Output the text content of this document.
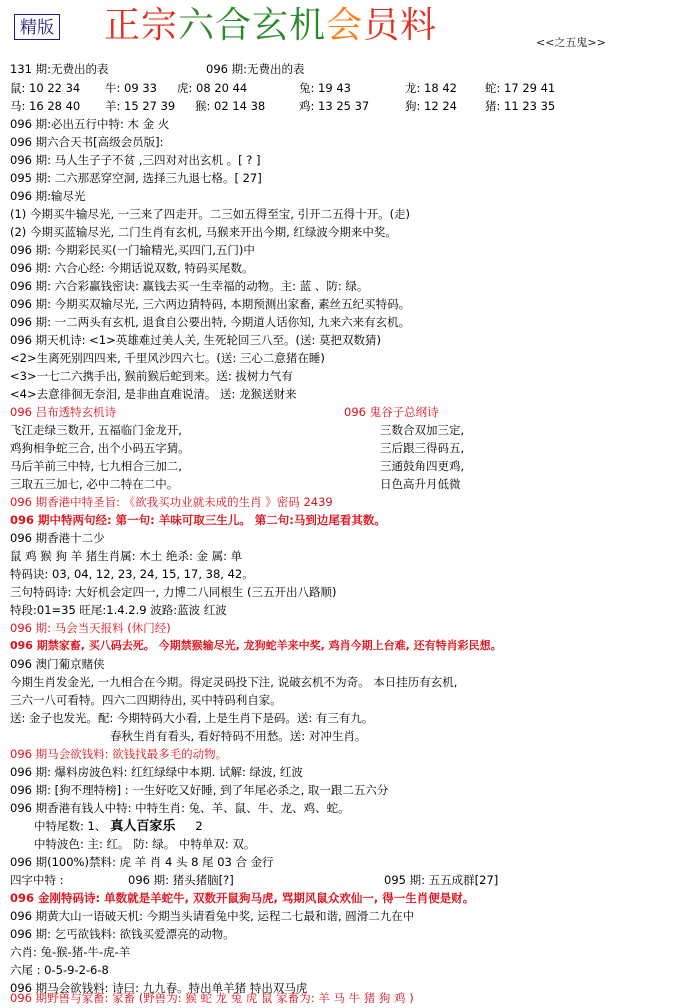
精版 正宗六合玄机会员料	<<之五鬼>>
131 期:无费出的表	096 期:无费出的表
鼠: 10 22 34 牛: 09 33 虎: 08 20 44	兔: 19 43	龙: 18 42 蛇: 17 29 41
马: 16 28 40 羊: 15 27 39 猴: 02 14 38	鸡: 13 25 37	狗: 12 24 猪: 11 23 35
096 期:必出五行中特: 木 金 火
096 期六合天书[高级会员版]:
096 期: 马人生子子不贫 ,三四对对出玄机 。[ ? ]
095 期: 二六那恶穿空洞, 选择三九退七格。[ 27]
096 期:输尽光
(1) 今期买牛输尽光, 一三来了四走开。二三如五得至宝, 引开二五得十开。(走)
(2) 今期买蓝输尽光, 二门生肖有玄机, 马猴来开出今期, 红绿波今期来中奖。
096 期: 今期彩民买(一门输精光,买四门,五门)中
096 期: 六合心经: 今期话说双数, 特码买尾数。
096 期: 六合彩赢钱密诀: 赢钱去买一生幸福的动物。主: 蓝 、防: 绿。
096 期: 今期买双输尽光, 三六两边猜特码, 本期预测出家畜, 素丝五纪买特码。
096 期: 一二两头有玄机, 退食自公要出特, 今期道人话你知, 九来六来有玄机。
096 期天机诗: <1>英雄难过美人关, 生死轮回三八至。(送: 莫把双数猜)
<2>生离死别四四来, 千里风沙四六七。(送: 三心二意猪在睡)
<3>一七二六携手出, 猴前猴后蛇到来。送: 拔树力气有
<4>去意徘徊无奈泪, 是非曲直难说清。 送: 龙猴送财来
096 吕布透特玄机诗	096 鬼谷子总纲诗
飞江走绿三数开, 五福临门金龙开,	三数合双加三定,
鸡狗相争蛇三合, 出个小码五字猜。	三后跟三得码五,
马后羊前三中特, 七九相合三加二,	三通鼓角四更鸡,
三取五三加七, 必中二特在二中。	日色高升月低微
096 期香港中特圣旨: 《欲我买功业就未成的生肖 》密码 2439
096 期中特两句经: 第一句: 羊味可取三生儿。 第二句:马到边尾看其数。
096 期香港十二少
鼠 鸡 猴 狗 羊 猪生肖属: 木土 绝杀: 金 属: 单
特码诀: 03, 04, 12, 23, 24, 15, 17, 38, 42。
三句特码诗: 大好机会定四一, 力博二八同根生 (三五开出八路顺)
特段:01=35 旺尾:1.4.2.9 波路:蓝波 红波
096 期: 马会当天报料 (休门经)
096 期禁家畜, 买八码去死。 今期禁猴输尽光, 龙狗蛇羊来中奖, 鸡肖今期上台难, 还有特肖彩民想。
096 澳门葡京赌侠
今期生肖发金光, 一九相合在今期。得定灵码投下注, 说破玄机不为奇。 本日挂历有玄机,
三六一八可看特。四六二四期待出, 买中特码利自家。
送: 金子也发光。配: 今期特码大小看, 上是生肖下是码。送: 有三有九。
春秋生肖有看头, 看好特码不用愁。送: 对冲生肖。
096 期马会欲钱料: 欲钱找最多毛的动物。
096 期: 爆料房波色料: 红红绿绿中本期. 试解: 绿波, 红波
096 期: [狗不理特榜] : 一生好吃又好睡, 到了年尾必杀之, 取一跟二五六分
096 期香港有钱人中特: 中特生肖: 兔、羊、鼠、牛、龙、鸡、蛇。
中特尾数: 1、 真人百家乐 2
中特波色: 主: 红。 防: 绿。 中特单双: 双。
096 期(100%)禁料: 虎 羊 肖 4 头 8 尾 03 合 金行
四字中特 :	096 期: 猪头猪脑[?]	095 期: 五五成群[27]
096 金刚特码诗: 单数就是羊蛇牛, 双数开鼠狗马虎, 骂期风鼠众欢仙一, 得一生肖便是财。
096 期黄大山一语破天机: 今期当头请看兔中奖, 运程二七最和谐, 圆滑二九在中
096 期: 乞丐欲钱料: 欲钱买爱漂亮的动物。
六肖: 兔-猴-猪-牛-虎-羊
六尾 : 0-5-9-2-6-8
096 期马会欲钱料: 诗曰: 九九春。特出单羊猪 特出双马虎
096 期野兽与家畜: 家畜 (野兽为: 猴 蛇 龙 兔 虎 鼠 家畜为: 羊 马 牛 猪 狗 鸡 )
